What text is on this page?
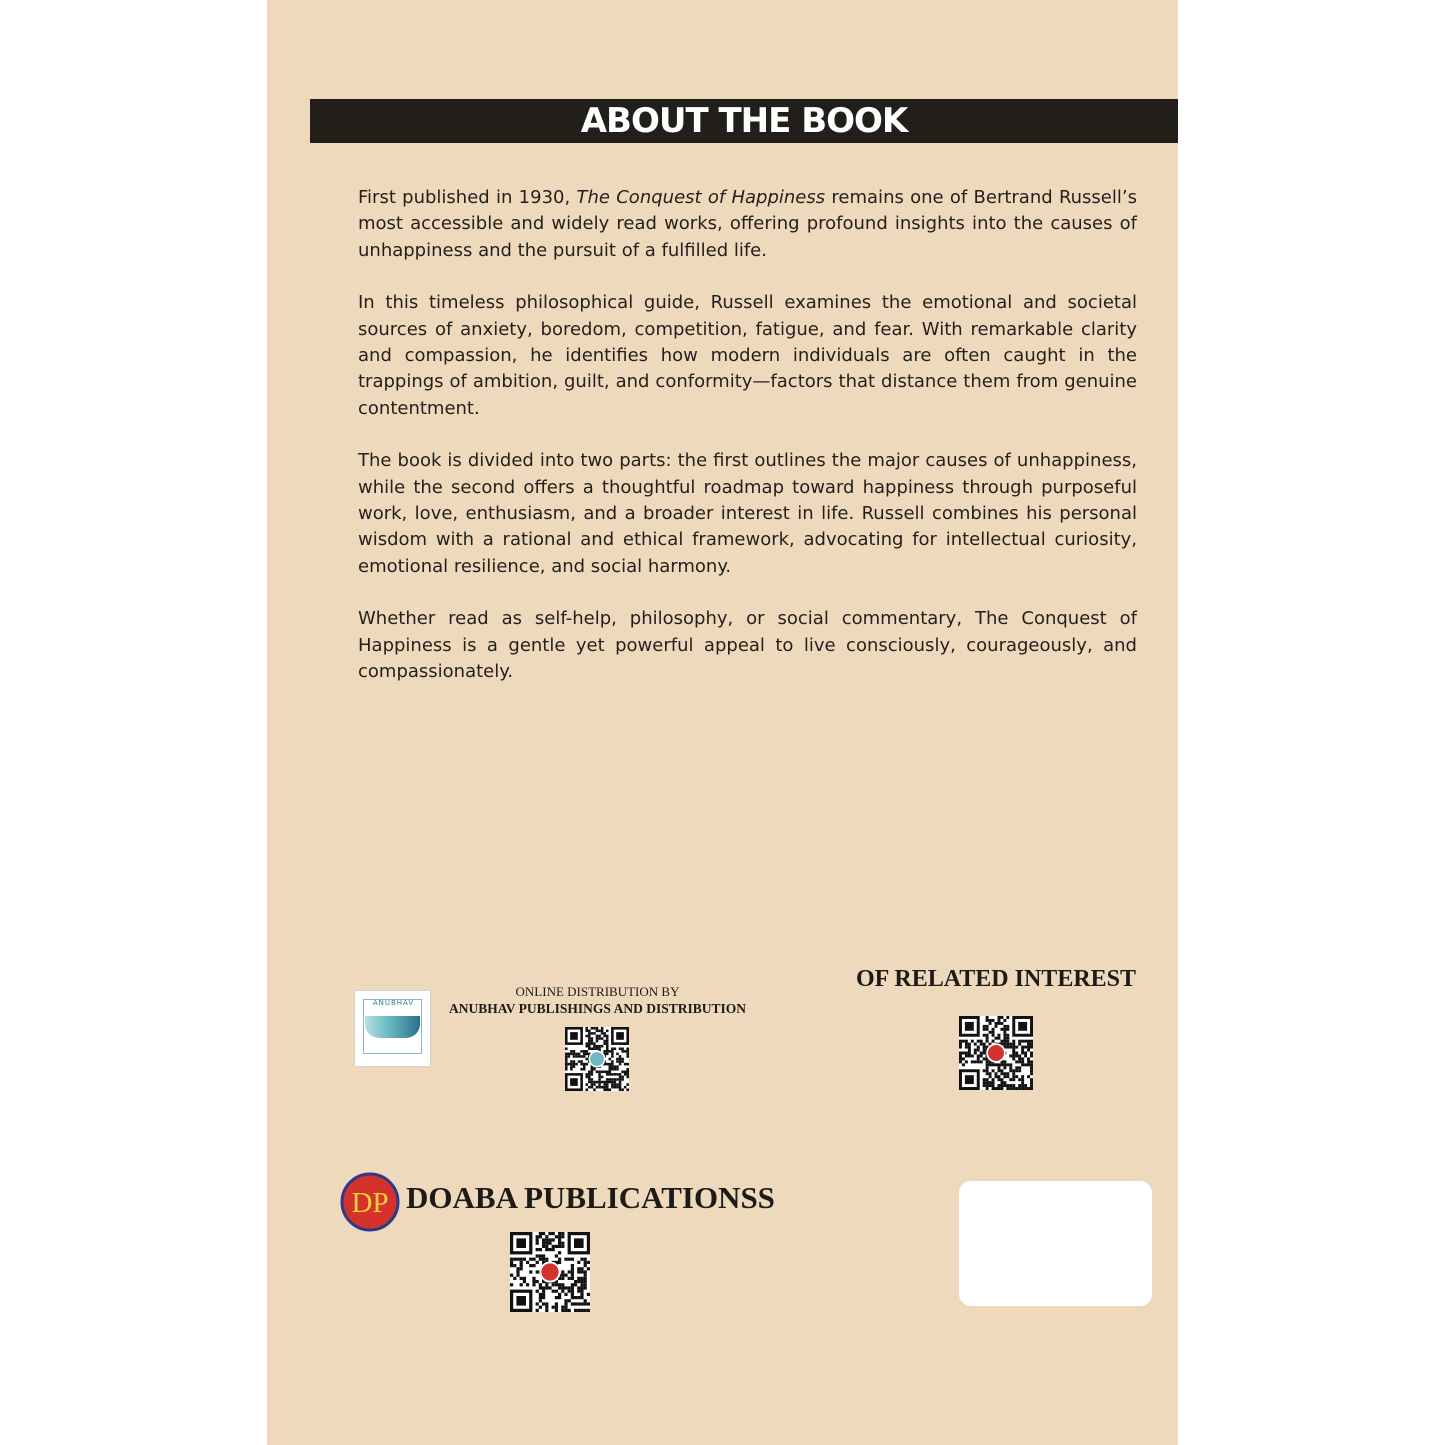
ABOUT THE BOOK

First published in 1930, The Conquest of Happiness remains one of Bertrand Russell’s most accessible and widely read works, offering profound insights into the causes of unhappiness and the pursuit of a fulfilled life.

In this timeless philosophical guide, Russell examines the emotional and societal sources of anxiety, boredom, competition, fatigue, and fear. With remarkable clarity and compassion, he identifies how modern individuals are often caught in the trappings of ambition, guilt, and conformity—factors that distance them from genuine contentment.

The book is divided into two parts: the first outlines the major causes of unhappiness, while the second offers a thoughtful roadmap toward happiness through purposeful work, love, enthusiasm, and a broader interest in life. Russell combines his personal wisdom with a rational and ethical framework, advocating for intellectual curiosity, emotional resilience, and social harmony.

Whether read as self-help, philosophy, or social commentary, The Conquest of Happiness is a gentle yet powerful appeal to live consciously, courageously, and compassionately.

ANUBHAV
ONLINE DISTRIBUTION BY
ANUBHAV PUBLISHINGS AND DISTRIBUTION
OF RELATED INTEREST
DP DOABA PUBLICATIONSS
